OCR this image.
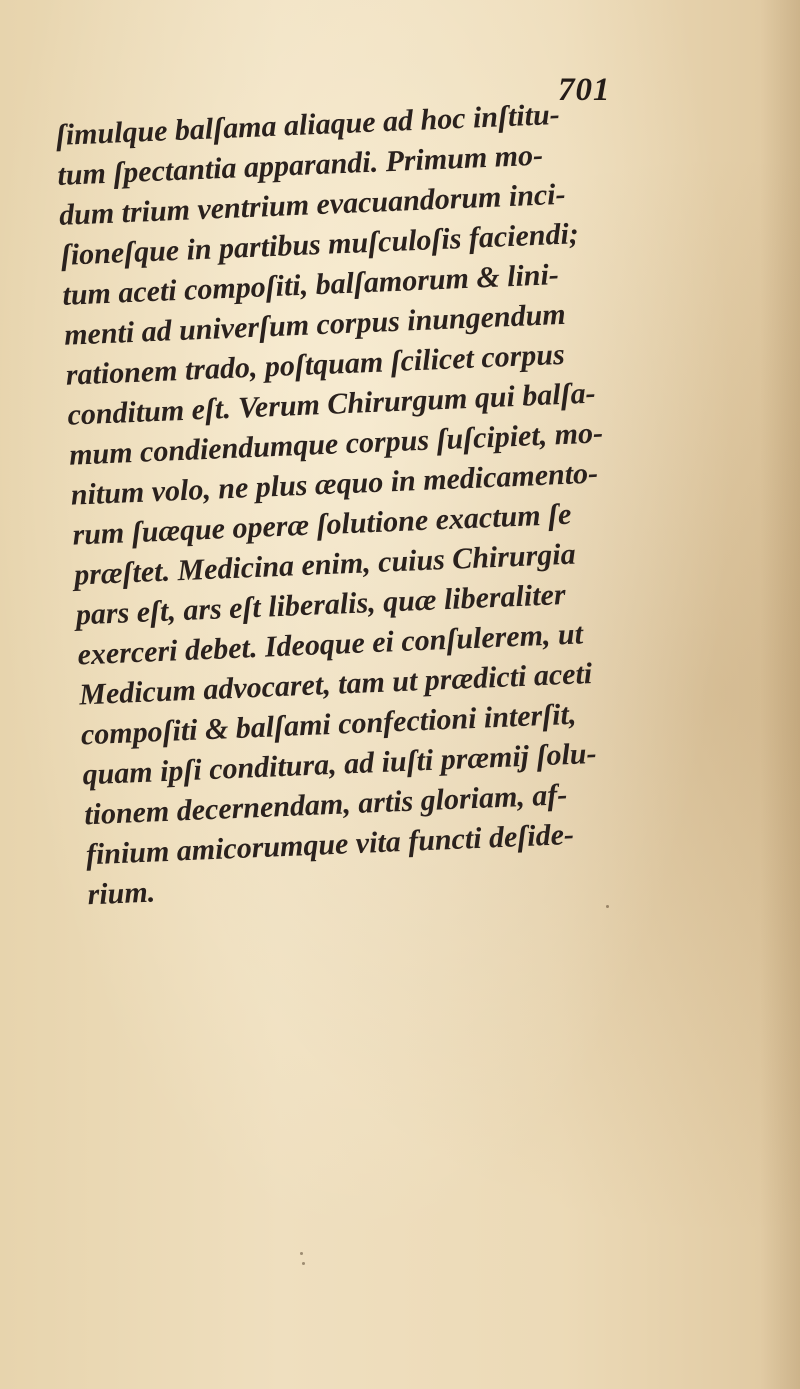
701

ſimulque balſama aliaque ad hoc inſtitu-
tum ſpectantia apparandi. Primum mo-
dum trium ventrium evacuandorum inci-
ſioneſque in partibus muſculoſis faciendi;
tum aceti compoſiti, balſamorum & lini-
menti ad univerſum corpus inungendum
rationem trado, poſtquam ſcilicet corpus
conditum eſt. Verum Chirurgum qui balſa-
mum condiendumque corpus ſuſcipiet, mo-
nitum volo, ne plus æquo in medicamento-
rum ſuæque operæ ſolutione exactum ſe
præſtet. Medicina enim, cuius Chirurgia
pars eſt, ars eſt liberalis, quæ liberaliter
exerceri debet. Ideoque ei conſulerem, ut
Medicum advocaret, tam ut prædicti aceti
compoſiti & balſami confectioni interſit,
quam ipſi conditura, ad iuſti præmij ſolu-
tionem decernendam, artis gloriam, af-
finium amicorumque vita functi deſide-
rium.
